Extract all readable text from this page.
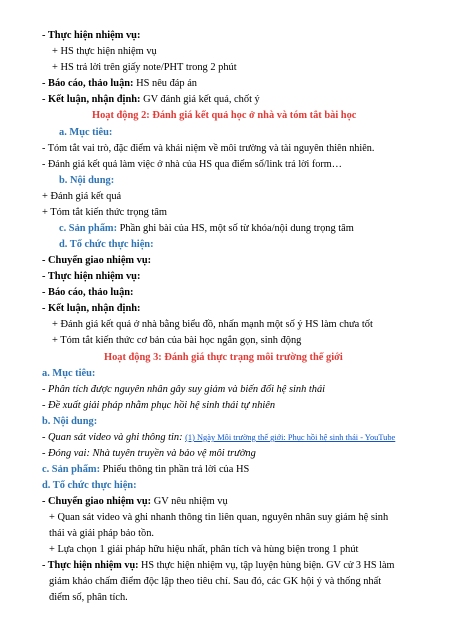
- Thực hiện nhiệm vụ:
+ HS thực hiện nhiệm vụ
+ HS trả lời trên giấy note/PHT trong 2 phút
- Báo cáo, thảo luận: HS nêu đáp án
- Kết luận, nhận định: GV đánh giá kết quả, chốt ý
Hoạt động 2: Đánh giá kết quả học ở nhà và tóm tắt bài học
a. Mục tiêu:
- Tóm tắt vai trò, đặc điểm và khái niệm về môi trường và tài nguyên thiên nhiên.
- Đánh giá kết quả làm việc ở nhà của HS qua điểm số/link trả lời form…
b. Nội dung:
+ Đánh giá kết quả
+ Tóm tắt kiến thức trọng tâm
c. Sản phẩm: Phần ghi bài của HS, một số từ khóa/nội dung trọng tâm
d. Tổ chức thực hiện:
- Chuyển giao nhiệm vụ:
- Thực hiện nhiệm vụ:
- Báo cáo, thảo luận:
- Kết luận, nhận định:
+ Đánh giá kết quả ở nhà bằng biểu đồ, nhấn mạnh một số ý HS làm chưa tốt
+ Tóm tắt kiến thức cơ bản của bài học ngắn gọn, sinh động
Hoạt động 3: Đánh giá thực trạng môi trường thế giới
a. Mục tiêu:
- Phân tích được nguyên nhân gây suy giảm và biến đổi hệ sinh thái
- Đề xuất giải pháp nhằm phục hồi hệ sinh thái tự nhiên
b. Nội dung:
- Quan sát video và ghi thông tin: (1) Ngày Môi trường thế giới: Phục hồi hệ sinh thái - YouTube
- Đóng vai: Nhà tuyên truyền và bảo vệ môi trường
c. Sản phẩm: Phiếu thông tin phần trả lời của HS
d. Tổ chức thực hiện:
- Chuyển giao nhiệm vụ: GV nêu nhiệm vụ
+ Quan sát video và ghi nhanh thông tin liên quan, nguyên nhân suy giảm hệ sinh
thái và giải pháp bảo tồn.
+ Lựa chọn 1 giải pháp hữu hiệu nhất, phân tích và hùng biện trong 1 phút
- Thực hiện nhiệm vụ: HS thực hiện nhiệm vụ, tập luyện hùng biện. GV cử 3 HS làm
giám khảo chấm điểm độc lập theo tiêu chí. Sau đó, các GK hội ý và thống nhất
điểm số, phân tích.
